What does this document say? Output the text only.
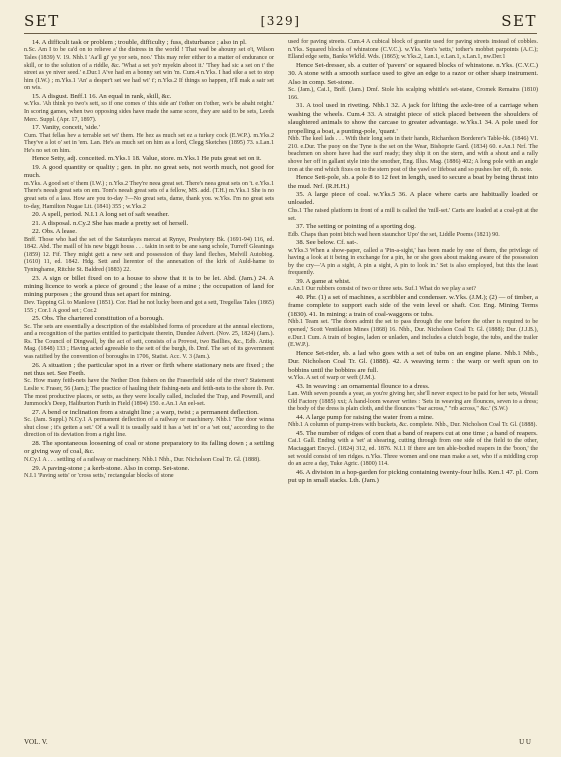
SET	[329]	SET

14. A difficult task or problem ; trouble, difficulty ; fuss, disturbance ; also in pl.

n.Sc. Am I to be ca'd on to relieve a' the distress in the world ! That wad be ahouny set o't, Wilson Tales (1839) V. 19. Nhb.1 'Aa'll gi' ye yor sets, noo.' This may refer either to a matter of endurance or skill, or to the solution of a riddle, &c. 'What a set yo'r myekin aboot it.' 'They had sic a set on t' the street as ye niver seed.' e.Dur.1 A've had en a bonny set win 'm. Cum.4 n.Yks. I had sike a set to stop him (I.W.) ; m.Yks.1 'An' a desper't set we had wi' t'; n.Yks.2 If things so happen, it'll mak a sair set on wis.

15. A disgust. Bnff.1 16. An equal in rank, skill, &c.

w.Yks. 'Ah think yo two's sett, so if one comes o' this side an' t'other on t'other, we's be abaht reight.' In scoring games, when two opposing sides have made the same score, they are said to be sets, Leeds Merc. Suppl. (Apr. 17, 1897).

17. Vanity, conceit, 'side.'

Cum. That fellas hev a terrable set wi' them. He hez as much set ez a turkey cock (E.W.P.). m.Yks.2 They've a lot o' set in 'em. Lan. He's as much set on him as a lord, Clegg Sketches (1895) 73. s.Lan.1 He's no set on him.

Hence Setty, adj. conceited. m.Yks.1 18. Value, store. m.Yks.1 He puts great set on it.

19. A good quantity or quality ; gen. in phr. no great sets, not worth much, not good for much.

m.Yks. A good set o' them (I.W.) ; n.Yks.2 They're neea great set. There's neea great sets on 't. e.Yks.1 There's neeah great sets on em. Tom's neeah great sets of a fellow, MS. add. (T.H.) m.Yks.1 She is no great sets of a lass. How are you to-day ?—No great sets, dame, thank you. w.Yks. I'm no great sets to-day, Hamilton Nugae Lit. (1841) 355 ; w.Yks.2

20. A spell, period. N.I.1 A long set of saft weather.

21. A disposal. n.Cy.2 She has made a pretty set of hersell.

22. Obs. A lease.

Bnff. Those who had the set of the Saturdayes mercat at Rynye, Presbytery Bk. (1691-94) 116, ed. 1842. Abd. The maill of his new biggit houss . . . takin in sett to be ane sang schole, Turreff Gleanings (1859) 12. Fif. They might gett a new sett and possession of thay land fleches, Melvill Autobiog. (1610) 11, ed. 1842. Hdg. Sett and lierentor of the annexation of the kirk of Auld-hame to Tyninghame, Ritchie St. Baldred (1883) 22.

23. A sign or billet fixed on to a house to show that it is to be let. Abd. (Jam.) 24. A mining licence to work a piece of ground ; the lease of a mine ; the occupation of land for mining purposes ; the ground thus set apart for mining.

Dev. Tapping Gl. to Manlove (1851). Cor. Had he not lucky been and got a sett, Tregellas Tales (1865) 155 ; Cor.1 A good set ; Cor.2

25. Obs. The chartered constitution of a borough.

Sc. The sets are essentially a description of the established forms of procedure at the annual elections, and a recognition of the parties entitled to participate therein, Dundee Advert. (Nov. 25, 1824) (Jam.). Rs. The Council of Dingwall, by the act of sett, consists of a Provost, two Baillies, &c., Edb. Antiq. Mag. (1848) 133 ; Having acted agreeable to the sett of the burgh, ib. Dmf. The set of its government was ratified by the convention of boroughs in 1706, Statist. Acc. V. 3 (Jam.).

26. A situation ; the particular spot in a river or firth where stationary nets are fixed ; the net thus set. See Feeth.

Sc. How many feith-nets have the Nether Don fishers on the Fraserfield side of the river? Statement Leslie v. Fraser, 56 (Jam.); The practice of hauling their fishing-nets and feith-nets to the shore ib. Per. The most productive places, or setts, as they were locally called, included the Trap, and Powmill, and Jummock's Deep, Haliburton Furth in Field (1894) 150. e.An.1 An eel-set.

27. A bend or inclination from a straight line ; a warp, twist ; a permanent deflection.

Sc. (Jam. Suppl.) N.Cy.1 A permanent deflection of a railway or machinery. Nhb.1 'The door winna shut close ; it's getten a set.' Of a wall it is usually said it has a 'set in' or a 'set out,' according to the direction of its deviation from a right line.

28. The spontaneous loosening of coal or stone preparatory to its falling down ; a settling or giving way of coal, &c.

N.Cy.1 A . . . settling of a railway or machinery. Nhb.1 Nhb., Dur. Nicholson Coal Tr. Gl. (1888).

29. A paving-stone ; a kerb-stone. Also in comp. Set-stone.

N.I.1 'Paving setts' or 'cross setts,' rectangular blocks of stone

used for paving streets. Cum.4 A cubical block of granite used for paving streets instead of cobbles. n.Yks. Squared blocks of whinstone (C.V.C.). w.Yks. Von's 'setts,' tother's mobbet parpoints (A.C.); Elland edge setts, Banks Wkfld. Wds. (1865); w.Yks.2, Lan.1, e.Lan.1, s.Lan.1, nw.Der.1

Hence Set-dresser, sb. a cutter of 'pavers' or squared blocks of whinstone. n.Yks. (C.V.C.) 30. A stone with a smooth surface used to give an edge to a razor or other sharp instrument. Also in comp. Set-stone.

Sc. (Jam.), Cai.1, Bnff. (Jam.) Dmf. Stole his scalping whittle's set-stane, Cromek Remains (1810) 166.

31. A tool used in riveting. Nhb.1 32. A jack for lifting the axle-tree of a carriage when washing the wheels. Cum.4 33. A straight piece of stick placed between the shoulders of slaughtered animals to show the carcase to greater advantage. w.Yks.1 34. A pole used for propelling a boat, a punting-pole, 'quant.'

Nhb. The keel lads . . . With their long sets in their hands, Richardson Borderer's Table-bk. (1846) VI. 210. e.Dur. The puoy on the Tyne is the set on the Wear, Bishoprie Gard. (1834) 60. e.An.1 Nrf. The beachmen on shore have had the surf ready; they ship it on the stern, and with a shout and a rally shove her off in gallant style into the smother, Eng. Illus. Mag. (1886) 402; A long pole with an angle iron at the end which fixes on to the stern post of the yawl or lifeboat and so pushes her off, ib. note.

Hence Sett-pole, sb. a pole 8 to 12 feet in length, used to secure a boat by being thrust into the mud. Nrf. (R.H.H.)

35. A large piece of coal. w.Yks.5 36. A place where carts are habitually loaded or unloaded.

Chs.1 The raised platform in front of a mill is called the 'mill-set.' Carts are loaded at a coal-pit at the set.

37. The setting or pointing of a sporting dog.

Edb. Chaps than point bitch wad heen staunchor Upo' the set, Liddle Poems (1821) 90.

38. See below. Cf. sat-.

w.Yks.3 When a show-paper, called a 'Pin-a-sight,' has been made by one of them, the privilege of having a look at it being in exchange for a pin, he or she goes about making aware of the possession by the cry—'A pin a sight, A pin a sight, A pin to look in.' Set is also employed, but this the least frequently.

39. A game at whist.

e.An.1 Our rubbers consist of two or three sets. Suf.1 What do we play a set?

40. Phr. (1) a set of machines, a scribbler and condenser. w.Yks. (J.M.); (2) — of timber, a frame complete to support each side of the vein level or shaft. Cor. Eng. Mining Terms (1830). 41. In mining: a train of coal-waggons or tubs.

Nhb.1 Team set. 'The doors admit the set to pass through the one before the other is required to be opened,' Scott Ventilation Mines (1868) 16. Nhb., Dur. Nicholson Coal Tr. Gl. (1888); Dur. (J.J.B.), e.Dur.1 Cum. A train of bogies, laden or unladen, and includes a clutch bogie, the tubs, and the trailer (E.W.P.).

Hence Set-rider, sb. a lad who goes with a set of tubs on an engine plane. Nhb.1 Nhb., Dur. Nicholson Coal Tr. Gl. (1888). 42. A weaving term : the warp or weft spun on to bobbins until the bobbins are full.

w.Yks. A set of warp or weft (J.M.).

43. In weaving : an ornamental flounce to a dress.

Lan. With seven pounds a year, as you're giving her, she'll never expect to be paid for her sets, Westall Old Factory (1885) xxi; A hand-loom weaver writes : 'Sets in weaving are flounces, seven to a dress; the body of the dress is plain cloth, and the flounces "bar across," "rib across," &c.' (S.W.)

44. A large pump for raising the water from a mine.

Nhb.1 A column of pump-trees with buckets, &c. complete. Nhb., Dur. Nicholson Coal Tr. Gl. (1888).

45. The number of ridges of corn that a band of reapers cut at one time ; a band of reapers.

Cai.1 Gall. Ending with a 'set' at shearing, cutting through from one side of the field to the other, Mactaggart Encycl. (1824) 312, ed. 1876. N.I.1 If there are ten able-bodied reapers in the 'boon,' the set would consist of ten ridges. n.Yks. Three women and one man make a set, who if a middling crop do an acre a day, Tuke Agric. (1800) 114.

46. A division in a hop-garden for picking containing twenty-four hills. Ken.1 47. pl. Corn put up in small stacks. Lth. (Jam.)

VOL. V.	U U
